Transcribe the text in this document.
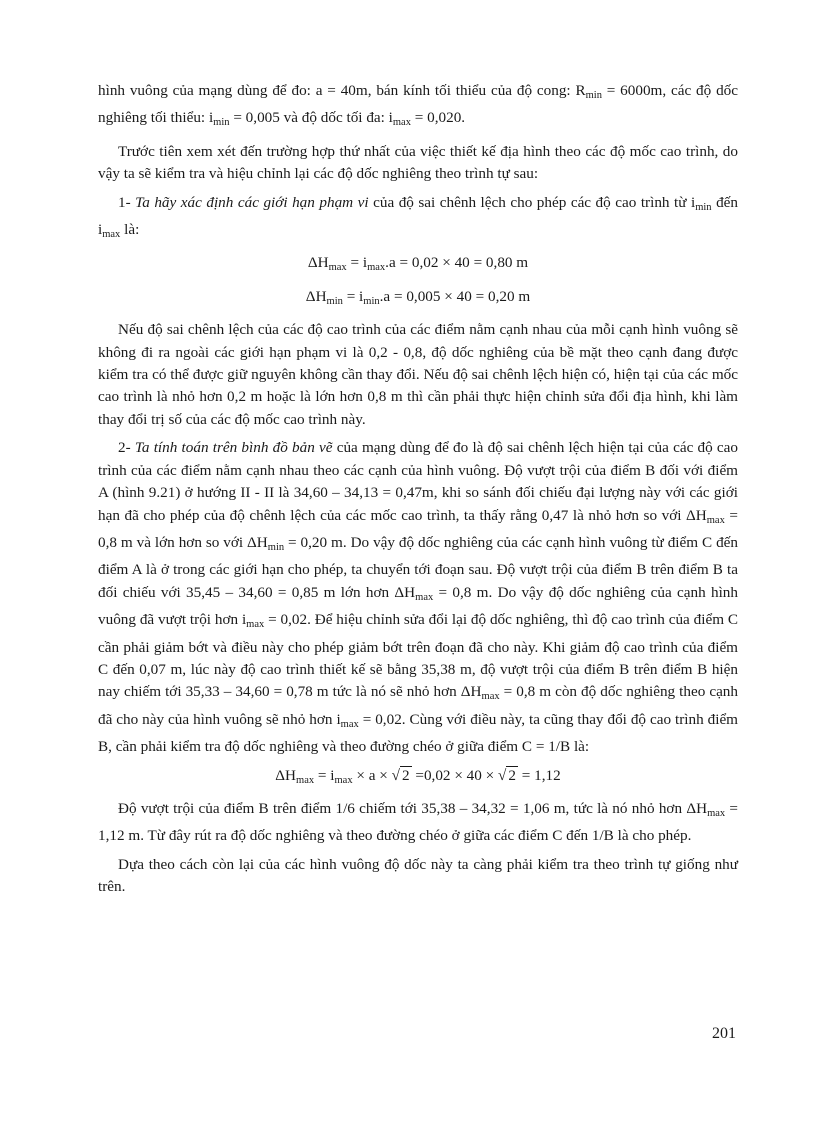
hình vuông của mạng dùng để đo: a = 40m, bán kính tối thiểu của độ cong: $R_{min} = 6000m$, các độ dốc nghiêng tối thiểu: $i_{min} = 0,005$ và độ dốc tối đa: $i_{max} = 0,020$.

Trước tiên xem xét đến trường hợp thứ nhất của việc thiết kế địa hình theo các độ mốc cao trình, do vậy ta sẽ kiểm tra và hiệu chỉnh lại các độ dốc nghiêng theo trình tự sau:

1- Ta hãy xác định các giới hạn phạm vi của độ sai chênh lệch cho phép các độ cao trình từ $i_{min}$ đến $i_{max}$ là:

$\Delta H_{max} = i_{max}.a = 0,02 \times 40 = 0,80$ m
$\Delta H_{min} = i_{min}.a = 0,005 \times 40 = 0,20$ m

Nếu độ sai chênh lệch của các độ cao trình của các điểm nằm cạnh nhau của mỗi cạnh hình vuông sẽ không đi ra ngoài các giới hạn phạm vi là 0,2 - 0,8, độ dốc nghiêng của bề mặt theo cạnh đang được kiểm tra có thể được giữ nguyên không cần thay đổi. Nếu độ sai chênh lệch hiện có, hiện tại của các mốc cao trình là nhỏ hơn 0,2 m hoặc là lớn hơn 0,8 m thì cần phải thực hiện chỉnh sửa đổi địa hình, khi làm thay đổi trị số của các độ mốc cao trình này.

2- Ta tính toán trên bình đồ bản vẽ của mạng dùng để đo là độ sai chênh lệch hiện tại của các độ cao trình của các điểm nằm cạnh nhau theo các cạnh của hình vuông. Độ vượt trội của điểm B đối với điểm A (hình 9.21) ở hướng II - II là 34,60 – 34,13 = 0,47m, khi so sánh đối chiếu đại lượng này với các giới hạn đã cho phép của độ chênh lệch của các mốc cao trình, ta thấy rằng 0,47 là nhỏ hơn so với $\Delta H_{max} = 0,8$ m và lớn hơn so với $\Delta H_{min} = 0,20$ m. Do vậy độ dốc nghiêng của các cạnh hình vuông từ điểm C đến điểm A là ở trong các giới hạn cho phép, ta chuyển tới đoạn sau. Độ vượt trội của điểm B trên điểm B ta đối chiếu với 35,45 – 34,60 = 0,85 m lớn hơn $\Delta H_{max} = 0,8$ m. Do vậy độ dốc nghiêng của cạnh hình vuông đã vượt trội hơn $i_{max} = 0,02$. Để hiệu chỉnh sửa đổi lại độ dốc nghiêng, thì độ cao trình của điểm C cần phải giảm bớt và điều này cho phép giảm bớt trên đoạn đã cho này. Khi giảm độ cao trình của điểm C đến 0,07 m, lúc này độ cao trình thiết kế sẽ bằng 35,38 m, độ vượt trội của điểm B trên điểm B hiện nay chiếm tới 35,33 – 34,60 = 0,78 m tức là nó sẽ nhỏ hơn $\Delta H_{max} = 0,8$ m còn độ dốc nghiêng theo cạnh đã cho này của hình vuông sẽ nhỏ hơn $i_{max} = 0,02$. Cùng với điều này, ta cũng thay đổi độ cao trình điểm B, cần phải kiểm tra độ dốc nghiêng và theo đường chéo ở giữa điểm C = 1/B là:

$\Delta H_{max} = i_{max} \times a$ × √ 2 =0,02 × 40 × √ 2 = 1,12

Độ vượt trội của điểm B trên điểm 1/6 chiếm tới 35,38 – 34,32 = 1,06 m, tức là nó nhỏ hơn $\Delta H_{max} = 1,12$ m. Từ đây rút ra độ dốc nghiêng và theo đường chéo ở giữa các điểm C đến 1/B là cho phép.

Dựa theo cách còn lại của các hình vuông độ dốc này ta càng phải kiểm tra theo trình tự giống như trên.

201
